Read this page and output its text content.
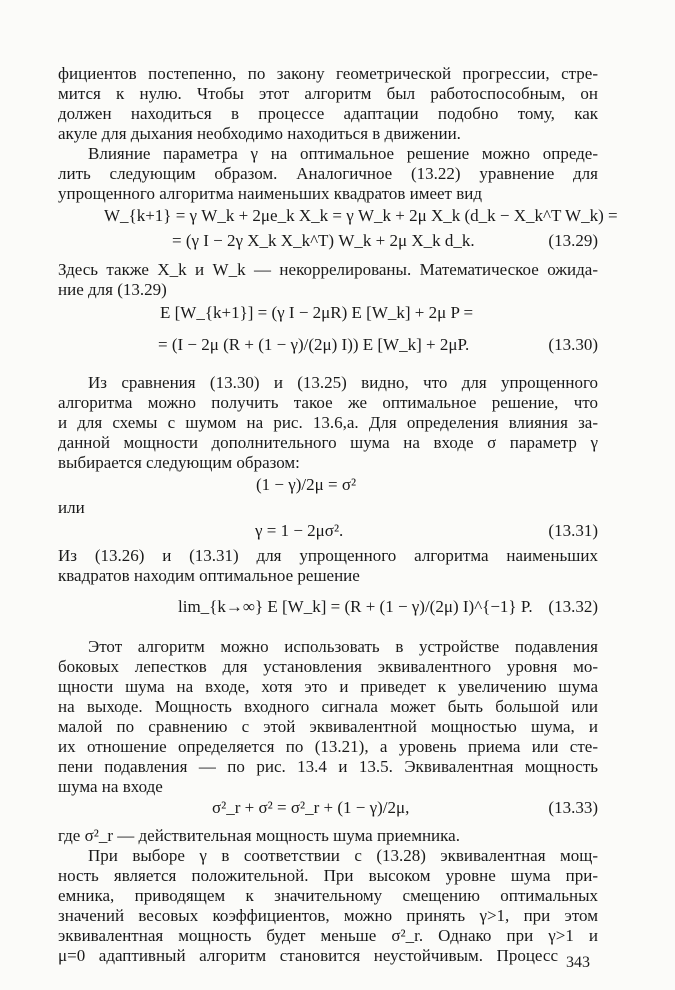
фициентов постепенно, по закону геометрической прогрессии, стре-
мится к нулю. Чтобы этот алгоритм был работоспособным, он
должен находиться в процессе адаптации подобно тому, как
акуле для дыхания необходимо находиться в движении.
Влияние параметра γ на оптимальное решение можно опреде-
лить следующим образом. Аналогичное (13.22) уравнение для
упрощенного алгоритма наименьших квадратов имеет вид
W_{k+1} = γ W_k + 2μe_k X_k = γ W_k + 2μ X_k (d_k − X_k^T W_k) =
= (γ I − 2γ X_k X_k^T) W_k + 2μ X_k d_k.	(13.29)
Здесь также X_k и W_k — некоррелированы. Математическое ожида-
ние для (13.29)
E [W_{k+1}] = (γ I − 2μR) E [W_k] + 2μ P =
= (I − 2μ (R + (1 − γ)/(2μ) I)) E [W_k] + 2μP.	(13.30)
Из сравнения (13.30) и (13.25) видно, что для упрощенного
алгоритма можно получить такое же оптимальное решение, что
и для схемы с шумом на рис. 13.6,а. Для определения влияния за-
данной мощности дополнительного шума на входе σ параметр γ
выбирается следующим образом:
(1 − γ)/2μ = σ²
или
γ = 1 − 2μσ².	(13.31)
Из (13.26) и (13.31) для упрощенного алгоритма наименьших
квадратов находим оптимальное решение
lim_{k→∞} E [W_k] = (R + (1 − γ)/(2μ) I)^{−1} P. (13.32)
Этот алгоритм можно использовать в устройстве подавления
боковых лепестков для установления эквивалентного уровня мо-
щности шума на входе, хотя это и приведет к увеличению шума
на выходе. Мощность входного сигнала может быть большой или
малой по сравнению с этой эквивалентной мощностью шума, и
их отношение определяется по (13.21), а уровень приема или сте-
пени подавления — по рис. 13.4 и 13.5. Эквивалентная мощность
шума на входе
σ²_r + σ² = σ²_r + (1 − γ)/2μ,	(13.33)
где σ²_r — действительная мощность шума приемника.
При выборе γ в соответствии с (13.28) эквивалентная мощ-
ность является положительной. При высоком уровне шума при-
емника, приводящем к значительному смещению оптимальных
значений весовых коэффициентов, можно принять γ>1, при этом
эквивалентная мощность будет меньше σ²_r. Однако при γ>1 и
μ=0 адаптивный алгоритм становится неустойчивым. Процесс 343
